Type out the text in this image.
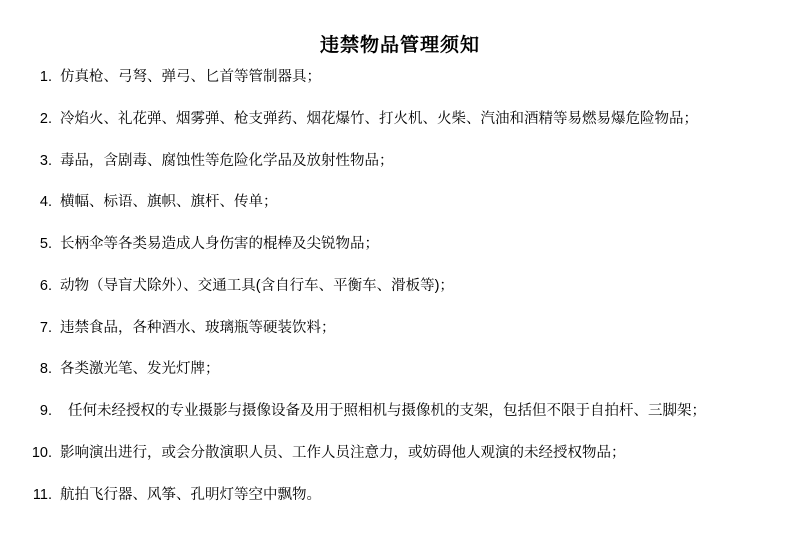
违禁物品管理须知
1. 仿真枪、弓弩、弹弓、匕首等管制器具；
2. 冷焰火、礼花弹、烟雾弹、枪支弹药、烟花爆竹、打火机、火柴、汽油和酒精等易燃易爆危险物品；
3. 毒品，含剧毒、腐蚀性等危险化学品及放射性物品；
4. 横幅、标语、旗帜、旗杆、传单；
5. 长柄伞等各类易造成人身伤害的棍棒及尖锐物品；
6. 动物（导盲犬除外）、交通工具(含自行车、平衡车、滑板等)；
7. 违禁食品，各种酒水、玻璃瓶等硬装饮料；
8. 各类激光笔、发光灯牌；
9.	任何未经授权的专业摄影与摄像设备及用于照相机与摄像机的支架，包括但不限于自拍杆、三脚架；
10. 影响演出进行，或会分散演职人员、工作人员注意力，或妨碍他人观演的未经授权物品；
11. 航拍飞行器、风筝、孔明灯等空中飘物。
